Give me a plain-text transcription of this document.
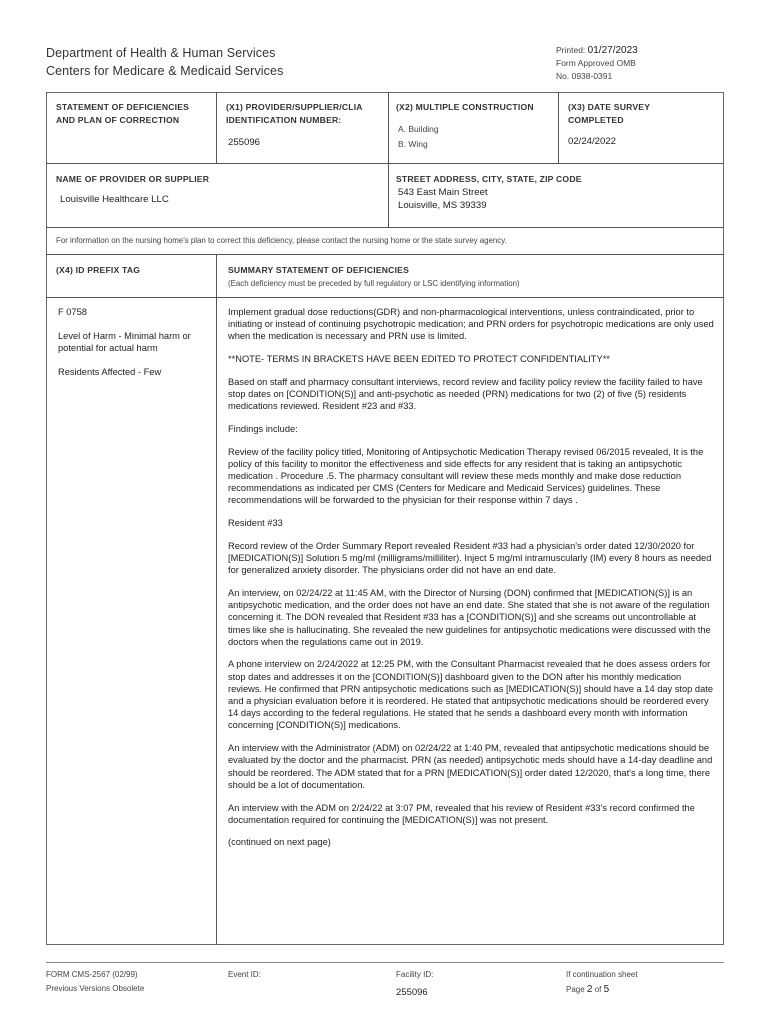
Department of Health & Human Services
Centers for Medicare & Medicaid Services
Printed: 01/27/2023
Form Approved OMB
No. 0938-0391
STATEMENT OF DEFICIENCIES
AND PLAN OF CORRECTION
(X1) PROVIDER/SUPPLIER/CLIA
IDENTIFICATION NUMBER:
255096
(X2) MULTIPLE CONSTRUCTION
A. Building
B. Wing
(X3) DATE SURVEY
COMPLETED
02/24/2022
NAME OF PROVIDER OR SUPPLIER
Louisville Healthcare LLC
STREET ADDRESS, CITY, STATE, ZIP CODE
543 East Main Street
Louisville, MS 39339
For information on the nursing home's plan to correct this deficiency, please contact the nursing home or the state survey agency.
(X4) ID PREFIX TAG	SUMMARY STATEMENT OF DEFICIENCIES
(Each deficiency must be preceded by full regulatory or LSC identifying information)
F 0758
Level of Harm - Minimal harm or potential for actual harm
Residents Affected - Few

Implement gradual dose reductions(GDR) and non-pharmacological interventions, unless contraindicated, prior to initiating or instead of continuing psychotropic medication; and PRN orders for psychotropic medications are only used when the medication is necessary and PRN use is limited.

**NOTE- TERMS IN BRACKETS HAVE BEEN EDITED TO PROTECT CONFIDENTIALITY**

Based on staff and pharmacy consultant interviews, record review and facility policy review the facility failed to have stop dates on [CONDITION(S)] and anti-psychotic as needed (PRN) medications for two (2) of five (5) residents medications reviewed. Resident #23 and #33.

Findings include:

Review of the facility policy titled, Monitoring of Antipsychotic Medication Therapy revised 06/2015 revealed, It is the policy of this facility to monitor the effectiveness and side effects for any resident that is taking an antipsychotic medication . Procedure .5. The pharmacy consultant will review these meds monthly and make dose reduction recommendations as indicated per CMS (Centers for Medicare and Medicaid Services) guidelines. These recommendations will be forwarded to the physician for their response within 7 days .

Resident #33

Record review of the Order Summary Report revealed Resident #33 had a physician's order dated 12/30/2020 for [MEDICATION(S)] Solution 5 mg/ml (milligrams/milliliter). Inject 5 mg/ml intramuscularly (IM) every 8 hours as needed for generalized anxiety disorder. The physicians order did not have an end date.

An interview, on 02/24/22 at 11:45 AM, with the Director of Nursing (DON) confirmed that [MEDICATION(S)] is an antipsychotic medication, and the order does not have an end date. She stated that she is not aware of the regulation concerning it. The DON revealed that Resident #33 has a [CONDITION(S)] and she screams out uncontrollable at times like she is hallucinating. She revealed the new guidelines for antipsychotic medications were discussed with the doctors when the regulations came out in 2019.

A phone interview on 2/24/2022 at 12:25 PM, with the Consultant Pharmacist revealed that he does assess orders for stop dates and addresses it on the [CONDITION(S)] dashboard given to the DON after his monthly medication reviews. He confirmed that PRN antipsychotic medications such as [MEDICATION(S)] should have a 14 day stop date and a physician evaluation before it is reordered. He stated that antipsychotic medications should be reordered every 14 days according to the federal regulations. He stated that he sends a dashboard every month with information concerning [CONDITION(S)] medications.

An interview with the Administrator (ADM) on 02/24/22 at 1:40 PM, revealed that antipsychotic medications should be evaluated by the doctor and the pharmacist. PRN (as needed) antipsychotic meds should have a 14-day deadline and should be reordered. The ADM stated that for a PRN [MEDICATION(S)] order dated 12/2020, that's a long time, there should be a lot of documentation.

An interview with the ADM on 2/24/22 at 3:07 PM, revealed that his review of Resident #33's record confirmed the documentation required for continuing the [MEDICATION(S)] was not present.

(continued on next page)

FORM CMS-2567 (02/99)
Previous Versions Obsolete
Event ID:	Facility ID:
255096
If continuation sheet
Page 2 of 5
